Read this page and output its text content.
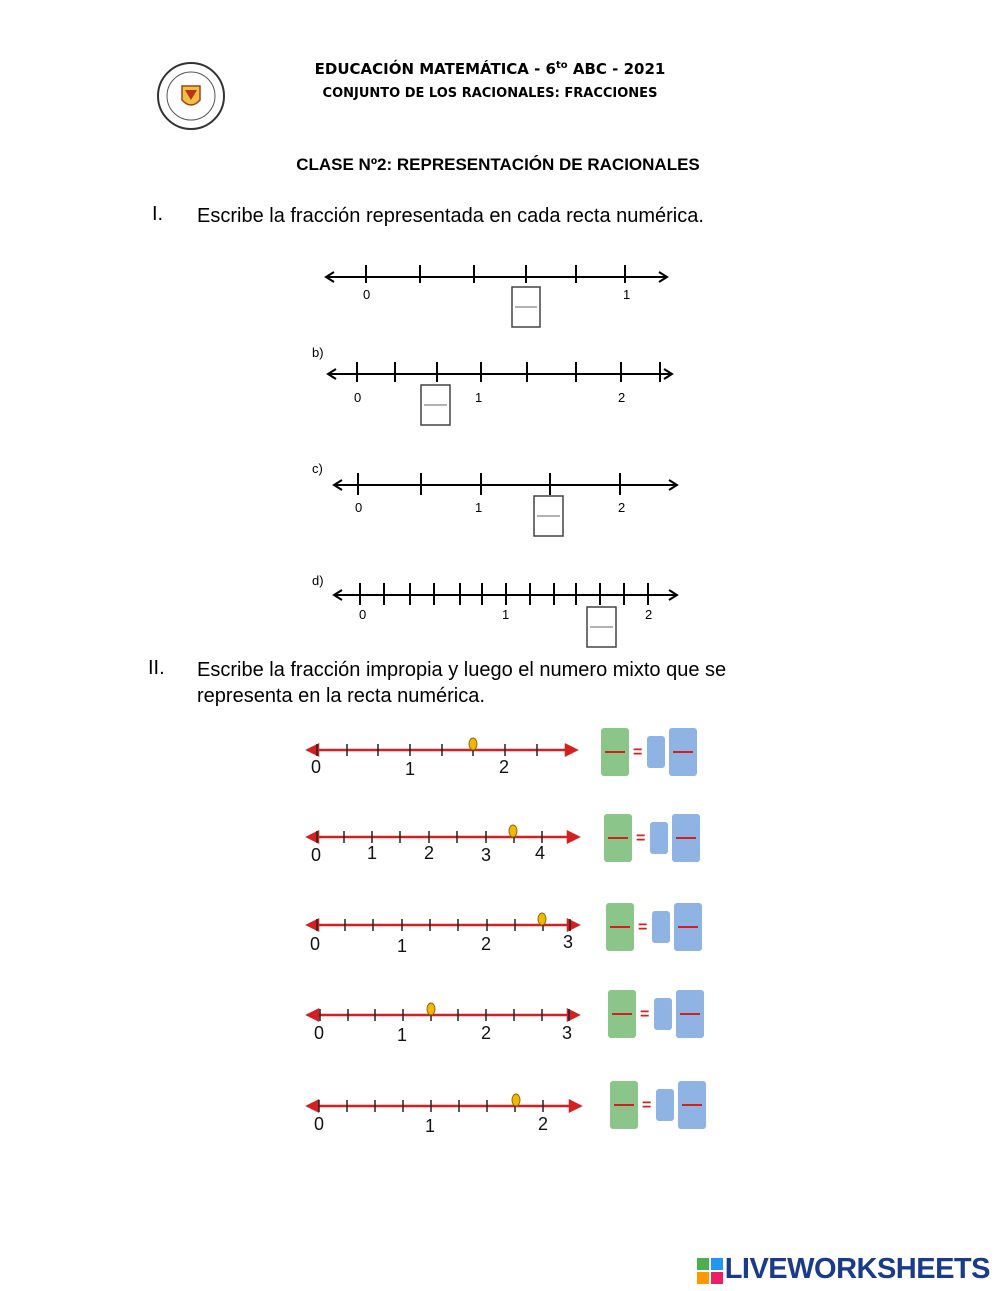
EDUCACIÓN MATEMÁTICA - $6^{to}$ ABC - 2021
CONJUNTO DE LOS RACIONALES: FRACCIONES
CLASE Nº2: REPRESENTACIÓN DE RACIONALES
I. Escribe la fracción representada en cada recta numérica.
b)
c)
d)
0	1
0	1	2
0	1	2
0	1	2
II. Escribe la fracción impropia y luego el numero mixto que se
representa en la recta numérica.
0	1	2
0	1	2	3 4
0	1	2	3
0	1	2	3
0	1	2
=
=
=
=
=
LIVEWORKSHEETS
